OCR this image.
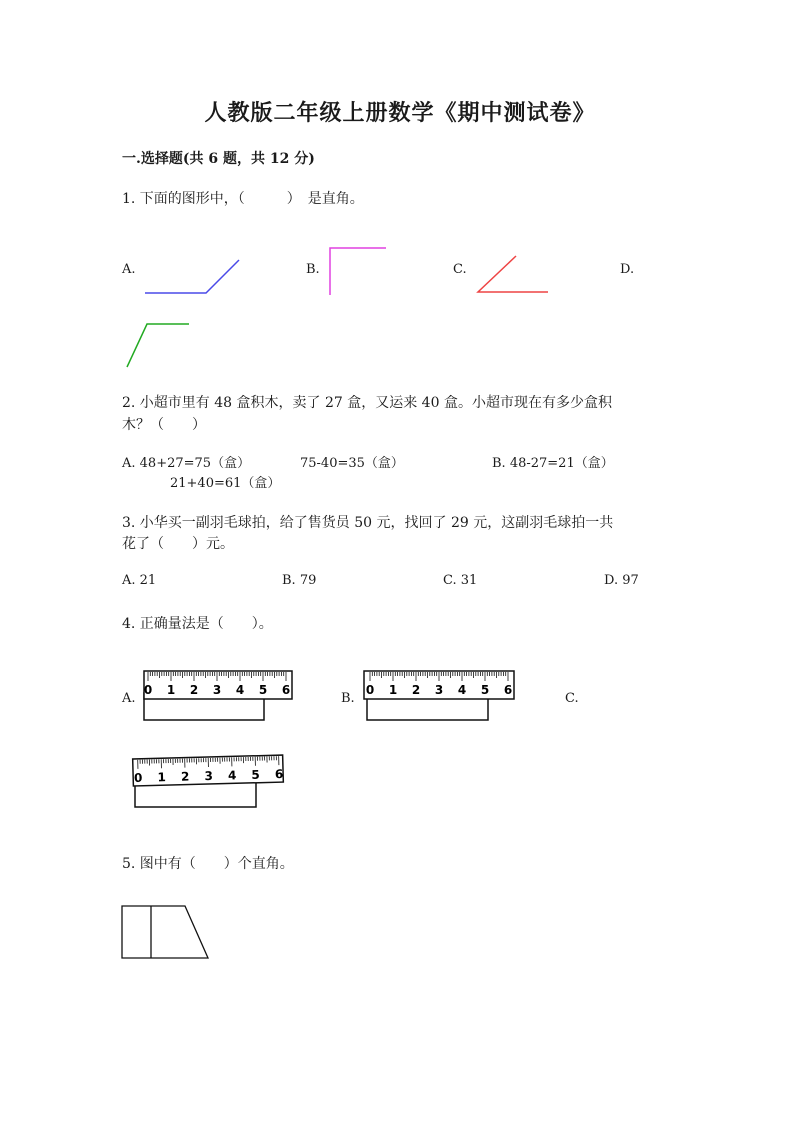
人教版二年级上册数学《期中测试卷》
一.选择题(共 6 题，共 12 分)
1. 下面的图形中，（　　　）　是直角。
A.	B.	C.	D.
0 1 2 3 4 5 6	0 1 2 3 4 5 6
0 1 2 3 4 5 6
2. 小超市里有 48 盒积木，卖了 27 盒，又运来 40 盒。小超市现在有多少盒积
木？（　　）
A. 48+27=75（盒）	75-40=35（盒）	B. 48-27=21（盒）
21+40=61（盒）
3. 小华买一副羽毛球拍，给了售货员 50 元，找回了 29 元，这副羽毛球拍一共
花了（　　）元。
A. 21	B. 79	C. 31	D. 97
4. 正确量法是（　　）。
A.	B.	C.
5. 图中有（　　）个直角。
